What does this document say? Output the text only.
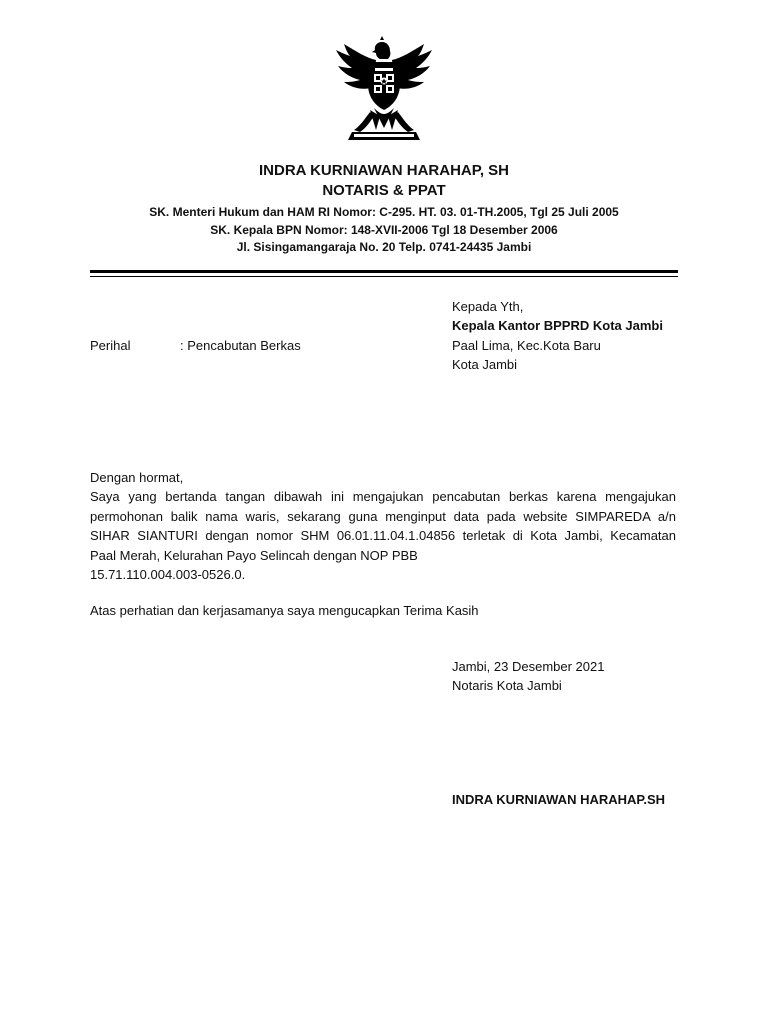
INDRA KURNIAWAN HARAHAP, SH
NOTARIS & PPAT
SK. Menteri Hukum dan HAM RI Nomor: C-295. HT. 03. 01-TH.2005, Tgl 25 Juli 2005
SK. Kepala BPN Nomor: 148-XVII-2006 Tgl 18 Desember 2006
Jl. Sisingamangaraja No. 20 Telp. 0741-24435 Jambi
Kepada Yth,
Kepala Kantor BPPRD Kota Jambi
Paal Lima, Kec.Kota Baru
Kota Jambi
Perihal	: Pencabutan Berkas
Dengan hormat,
Saya yang bertanda tangan dibawah ini mengajukan pencabutan berkas karena mengajukan
permohonan balik nama waris, sekarang guna menginput data pada website SIMPAREDA a/n
SIHAR SIANTURI dengan nomor SHM 06.01.11.04.1.04856 terletak di Kota Jambi, Kecamatan
Paal Merah, Kelurahan Payo Selincah dengan NOP PBB
15.71.110.004.003-0526.0.
Atas perhatian dan kerjasamanya saya mengucapkan Terima Kasih
Jambi, 23 Desember 2021
Notaris Kota Jambi
INDRA KURNIAWAN HARAHAP.SH
